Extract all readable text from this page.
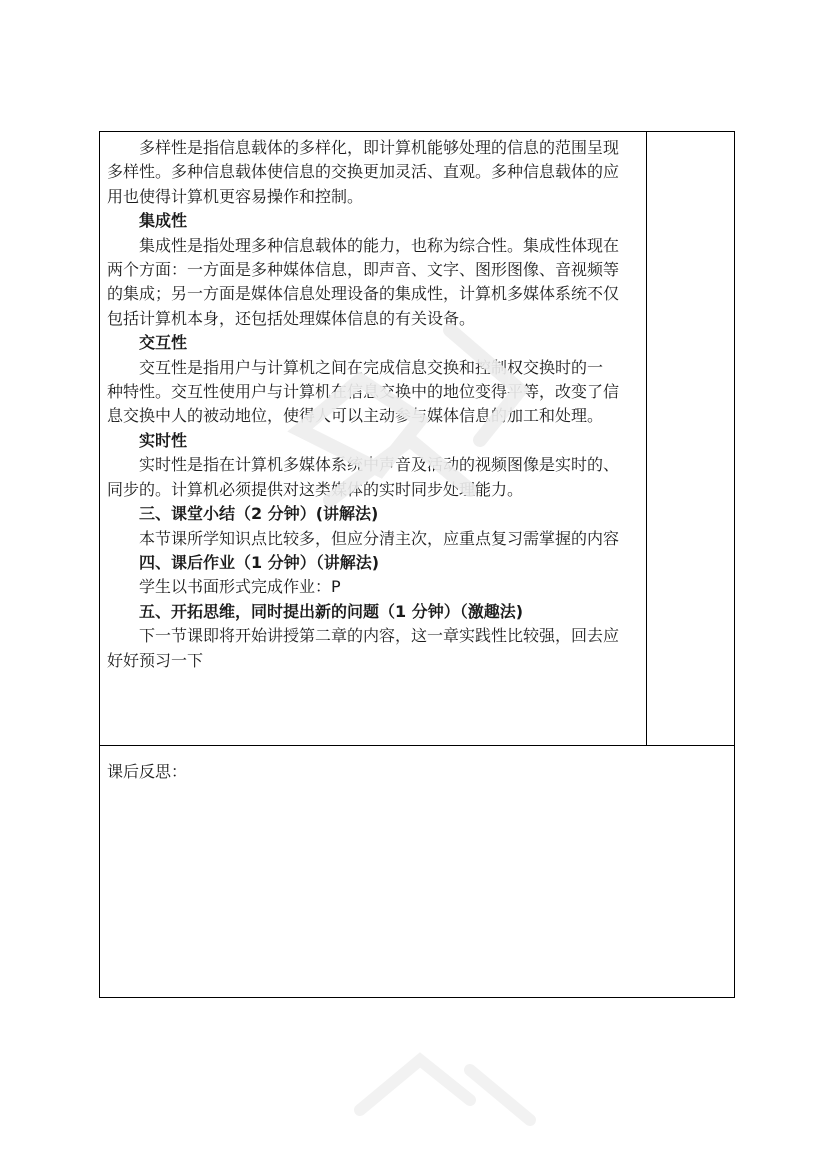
多样性是指信息载体的多样化，即计算机能够处理的信息的范围呈现

多样性。多种信息载体使信息的交换更加灵活、直观。多种信息载体的应

用也使得计算机更容易操作和控制。

集成性

集成性是指处理多种信息载体的能力，也称为综合性。集成性体现在

两个方面：一方面是多种媒体信息，即声音、文字、图形图像、音视频等

的集成；另一方面是媒体信息处理设备的集成性，计算机多媒体系统不仅

包括计算机本身，还包括处理媒体信息的有关设备。

交互性

交互性是指用户与计算机之间在完成信息交换和控制权交换时的一

种特性。交互性使用户与计算机在信息交换中的地位变得平等，改变了信

息交换中人的被动地位，使得人可以主动参与媒体信息的加工和处理。

实时性

实时性是指在计算机多媒体系统中声音及活动的视频图像是实时的、

同步的。计算机必须提供对这类媒体的实时同步处理能力。

三、课堂小结（2 分钟）(讲解法)

本节课所学知识点比较多，但应分清主次，应重点复习需掌握的内容

四、课后作业（1 分钟）（讲解法)

学生以书面形式完成作业：P

五、开拓思维，同时提出新的问题（1 分钟）（激趣法)

下一节课即将开始讲授第二章的内容，这一章实践性比较强，回去应

好好预习一下

课后反思：
